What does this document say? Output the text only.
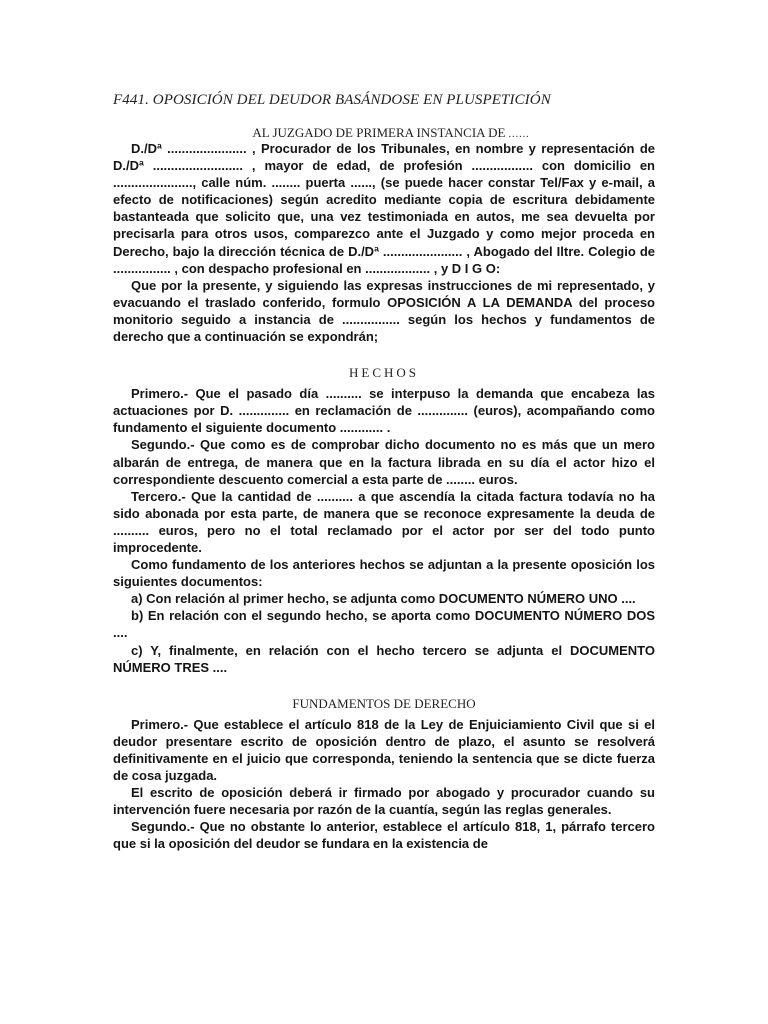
F441. OPOSICIÓN DEL DEUDOR BASÁNDOSE EN PLUSPETICIÓN
AL JUZGADO DE PRIMERA INSTANCIA DE ......

D./Dª ...................... , Procurador de los Tribunales, en nombre y representación de D./Dª ......................... , mayor de edad, de profesión ................. con domicilio en ......................, calle núm. ........ puerta ......, (se puede hacer constar Tel/Fax y e-mail, a efecto de notificaciones) según acredito mediante copia de escritura debidamente bastanteada que solicito que, una vez testimoniada en autos, me sea devuelta por precisarla para otros usos, comparezco ante el Juzgado y como mejor proceda en Derecho, bajo la dirección técnica de D./Dª ...................... , Abogado del Iltre. Colegio de ................ , con despacho profesional en .................. , y D I G O:

Que por la presente, y siguiendo las expresas instrucciones de mi representado, y evacuando el traslado conferido, formulo OPOSICIÓN A LA DEMANDA del proceso monitorio seguido a instancia de ................ según los hechos y fundamentos de derecho que a continuación se expondrán;

HECHOS

Primero.- Que el pasado día .......... se interpuso la demanda que encabeza las actuaciones por D. .............. en reclamación de .............. (euros), acompañando como fundamento el siguiente documento ............ .

Segundo.- Que como es de comprobar dicho documento no es más que un mero albarán de entrega, de manera que en la factura librada en su día el actor hizo el correspondiente descuento comercial a esta parte de ........ euros.

Tercero.- Que la cantidad de .......... a que ascendía la citada factura todavía no ha sido abonada por esta parte, de manera que se reconoce expresamente la deuda de .......... euros, pero no el total reclamado por el actor por ser del todo punto improcedente.

Como fundamento de los anteriores hechos se adjuntan a la presente oposición los siguientes documentos:

a) Con relación al primer hecho, se adjunta como DOCUMENTO NÚMERO UNO ....

b) En relación con el segundo hecho, se aporta como DOCUMENTO NÚMERO DOS ....

c) Y, finalmente, en relación con el hecho tercero se adjunta el DOCUMENTO NÚMERO TRES ....

FUNDAMENTOS DE DERECHO

Primero.- Que establece el artículo 818 de la Ley de Enjuiciamiento Civil que si el deudor presentare escrito de oposición dentro de plazo, el asunto se resolverá definitivamente en el juicio que corresponda, teniendo la sentencia que se dicte fuerza de cosa juzgada.

El escrito de oposición deberá ir firmado por abogado y procurador cuando su intervención fuere necesaria por razón de la cuantía, según las reglas generales.

Segundo.- Que no obstante lo anterior, establece el artículo 818, 1, párrafo tercero que si la oposición del deudor se fundara en la existencia de
